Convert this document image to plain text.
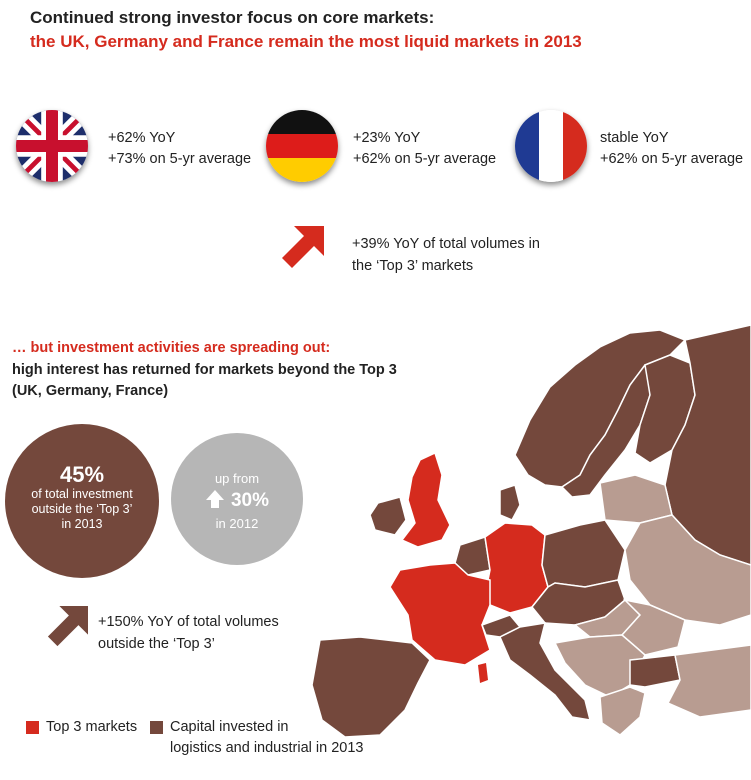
Continued strong investor focus on core markets:
the UK, Germany and France remain the most liquid markets in 2013
+62% YoY
+73% on 5-yr average
+23% YoY
+62% on 5-yr average
stable YoY
+62% on 5-yr average
+39% YoY of total volumes in
the ‘Top 3’ markets
… but investment activities are spreading out:
high interest has returned for markets beyond the Top 3
(UK, Germany, France)
45%
of total investment
outside the ‘Top 3’
in 2013
up from
30%
in 2012
+150% YoY of total volumes
outside the ‘Top 3’
Top 3 markets Capital invested in
logistics and industrial in 2013
